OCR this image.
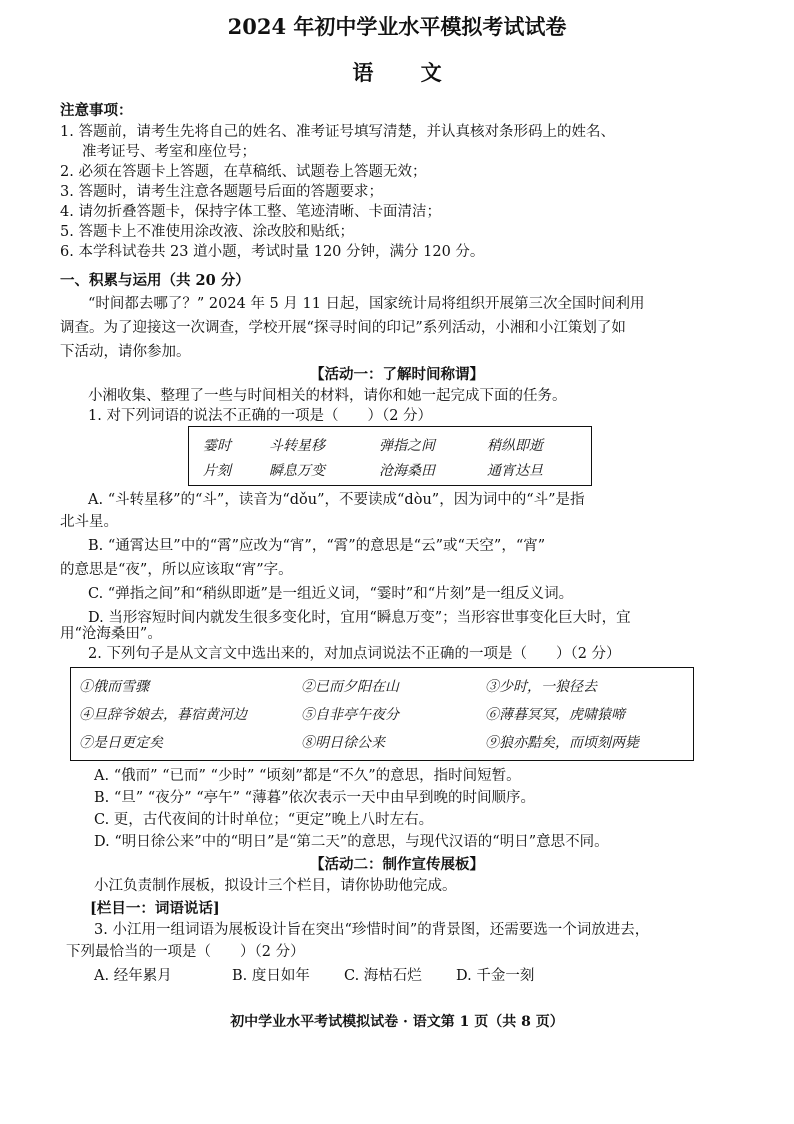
2024 年初中学业水平模拟考试试卷
语 文
注意事项：
1. 答题前，请考生先将自己的姓名、准考证号填写清楚，并认真核对条形码上的姓名、
准考证号、考室和座位号；
2. 必须在答题卡上答题，在草稿纸、试题卷上答题无效；
3. 答题时，请考生注意各题题号后面的答题要求；
4. 请勿折叠答题卡，保持字体工整、笔迹清晰、卡面清洁；
5. 答题卡上不准使用涂改液、涂改胶和贴纸；
6. 本学科试卷共 23 道小题，考试时量 120 分钟，满分 120 分。
一、积累与运用（共 20 分）
“时间都去哪了？” 2024 年 5 月 11 日起，国家统计局将组织开展第三次全国时间利用
调查。为了迎接这一次调查，学校开展“探寻时间的印记”系列活动，小湘和小江策划了如
下活动，请你参加。
【活动一：了解时间称谓】
小湘收集、整理了一些与时间相关的材料，请你和她一起完成下面的任务。
1. 对下列词语的说法不正确的一项是（　　）（2 分）
霎时	斗转星移	弹指之间	稍纵即逝
片刻	瞬息万变	沧海桑田	通宵达旦
A. “斗转星移”的“斗”，读音为“dǒu”，不要读成“dòu”，因为词中的“斗”是指
北斗星。
B. “通霄达旦”中的“霄”应改为“宵”，“霄”的意思是“云”或“天空”，“宵”
的意思是“夜”，所以应该取“宵”字。
C. “弹指之间”和“稍纵即逝”是一组近义词，“霎时”和“片刻”是一组反义词。
D. 当形容短时间内就发生很多变化时，宜用“瞬息万变”；当形容世事变化巨大时，宜
用“沧海桑田”。
2. 下列句子是从文言文中选出来的，对加点词说法不正确的一项是（　　）（2 分）
①俄而雪骤	②已而夕阳在山	③少时，一狼径去
④旦辞爷娘去，暮宿黄河边	⑤自非亭午夜分	⑥薄暮冥冥，虎啸猿啼
⑦是日更定矣	⑧明日徐公来	⑨狼亦黠矣，而顷刻两毙
A. “俄而” “已而” “少时” “顷刻”都是“不久”的意思，指时间短暂。
B. “旦” “夜分” “亭午” “薄暮”依次表示一天中由早到晚的时间顺序。
C. 更，古代夜间的计时单位；“更定”晚上八时左右。
D. “明日徐公来”中的“明日”是“第二天”的意思，与现代汉语的“明日”意思不同。
【活动二：制作宣传展板】
小江负责制作展板，拟设计三个栏目，请你协助他完成。
[栏目一：词语说话]
3. 小江用一组词语为展板设计旨在突出“珍惜时间”的背景图，还需要选一个词放进去，
下列最恰当的一项是（　　）（2 分）
A. 经年累月	B. 度日如年 C. 海枯石烂 D. 千金一刻
初中学业水平考试模拟试卷 · 语文第 1 页（共 8 页）
